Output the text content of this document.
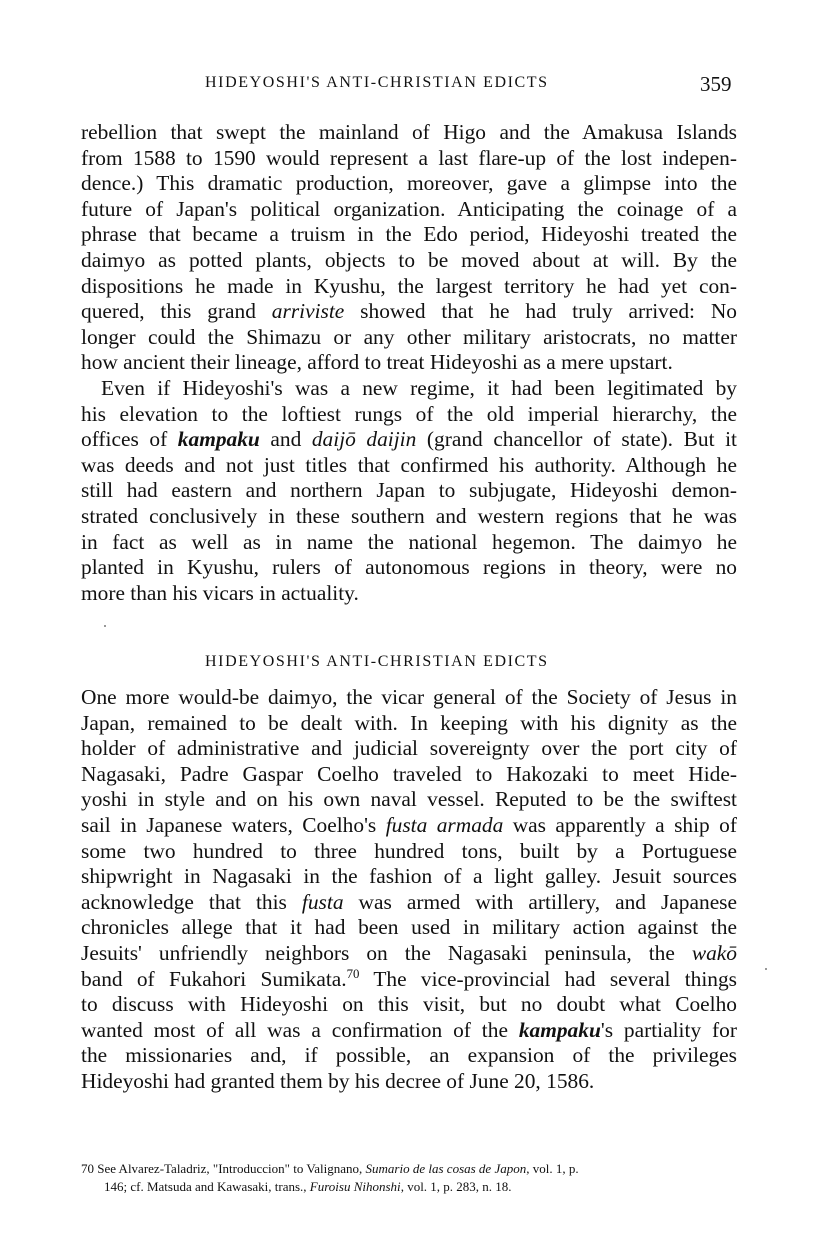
HIDEYOSHI'S ANTI-CHRISTIAN EDICTS	359
rebellion that swept the mainland of Higo and the Amakusa Islands
from 1588 to 1590 would represent a last flare-up of the lost indepen-
dence.) This dramatic production, moreover, gave a glimpse into the
future of Japan's political organization. Anticipating the coinage of a
phrase that became a truism in the Edo period, Hideyoshi treated the
daimyo as potted plants, objects to be moved about at will. By the
dispositions he made in Kyushu, the largest territory he had yet con-
quered, this grand arriviste showed that he had truly arrived: No
longer could the Shimazu or any other military aristocrats, no matter
how ancient their lineage, afford to treat Hideyoshi as a mere upstart.
Even if Hideyoshi's was a new regime, it had been legitimated by
his elevation to the loftiest rungs of the old imperial hierarchy, the
offices of kampaku and daijō daijin (grand chancellor of state). But it
was deeds and not just titles that confirmed his authority. Although he
still had eastern and northern Japan to subjugate, Hideyoshi demon-
strated conclusively in these southern and western regions that he was
in fact as well as in name the national hegemon. The daimyo he
planted in Kyushu, rulers of autonomous regions in theory, were no
more than his vicars in actuality.
HIDEYOSHI'S ANTI-CHRISTIAN EDICTS
One more would-be daimyo, the vicar general of the Society of Jesus in
Japan, remained to be dealt with. In keeping with his dignity as the
holder of administrative and judicial sovereignty over the port city of
Nagasaki, Padre Gaspar Coelho traveled to Hakozaki to meet Hide-
yoshi in style and on his own naval vessel. Reputed to be the swiftest
sail in Japanese waters, Coelho's fusta armada was apparently a ship of
some two hundred to three hundred tons, built by a Portuguese
shipwright in Nagasaki in the fashion of a light galley. Jesuit sources
acknowledge that this fusta was armed with artillery, and Japanese
chronicles allege that it had been used in military action against the
Jesuits' unfriendly neighbors on the Nagasaki peninsula, the wakō
band of Fukahori Sumikata.$^{70}$ The vice-provincial had several things
to discuss with Hideyoshi on this visit, but no doubt what Coelho
wanted most of all was a confirmation of the kampaku's partiality for
the missionaries and, if possible, an expansion of the privileges
Hideyoshi had granted them by his decree of June 20, 1586.
70 See Alvarez-Taladriz, "Introduccion" to Valignano, Sumario de las cosas de Japon, vol. 1, p.
146; cf. Matsuda and Kawasaki, trans., Furoisu Nihonshi, vol. 1, p. 283, n. 18.
